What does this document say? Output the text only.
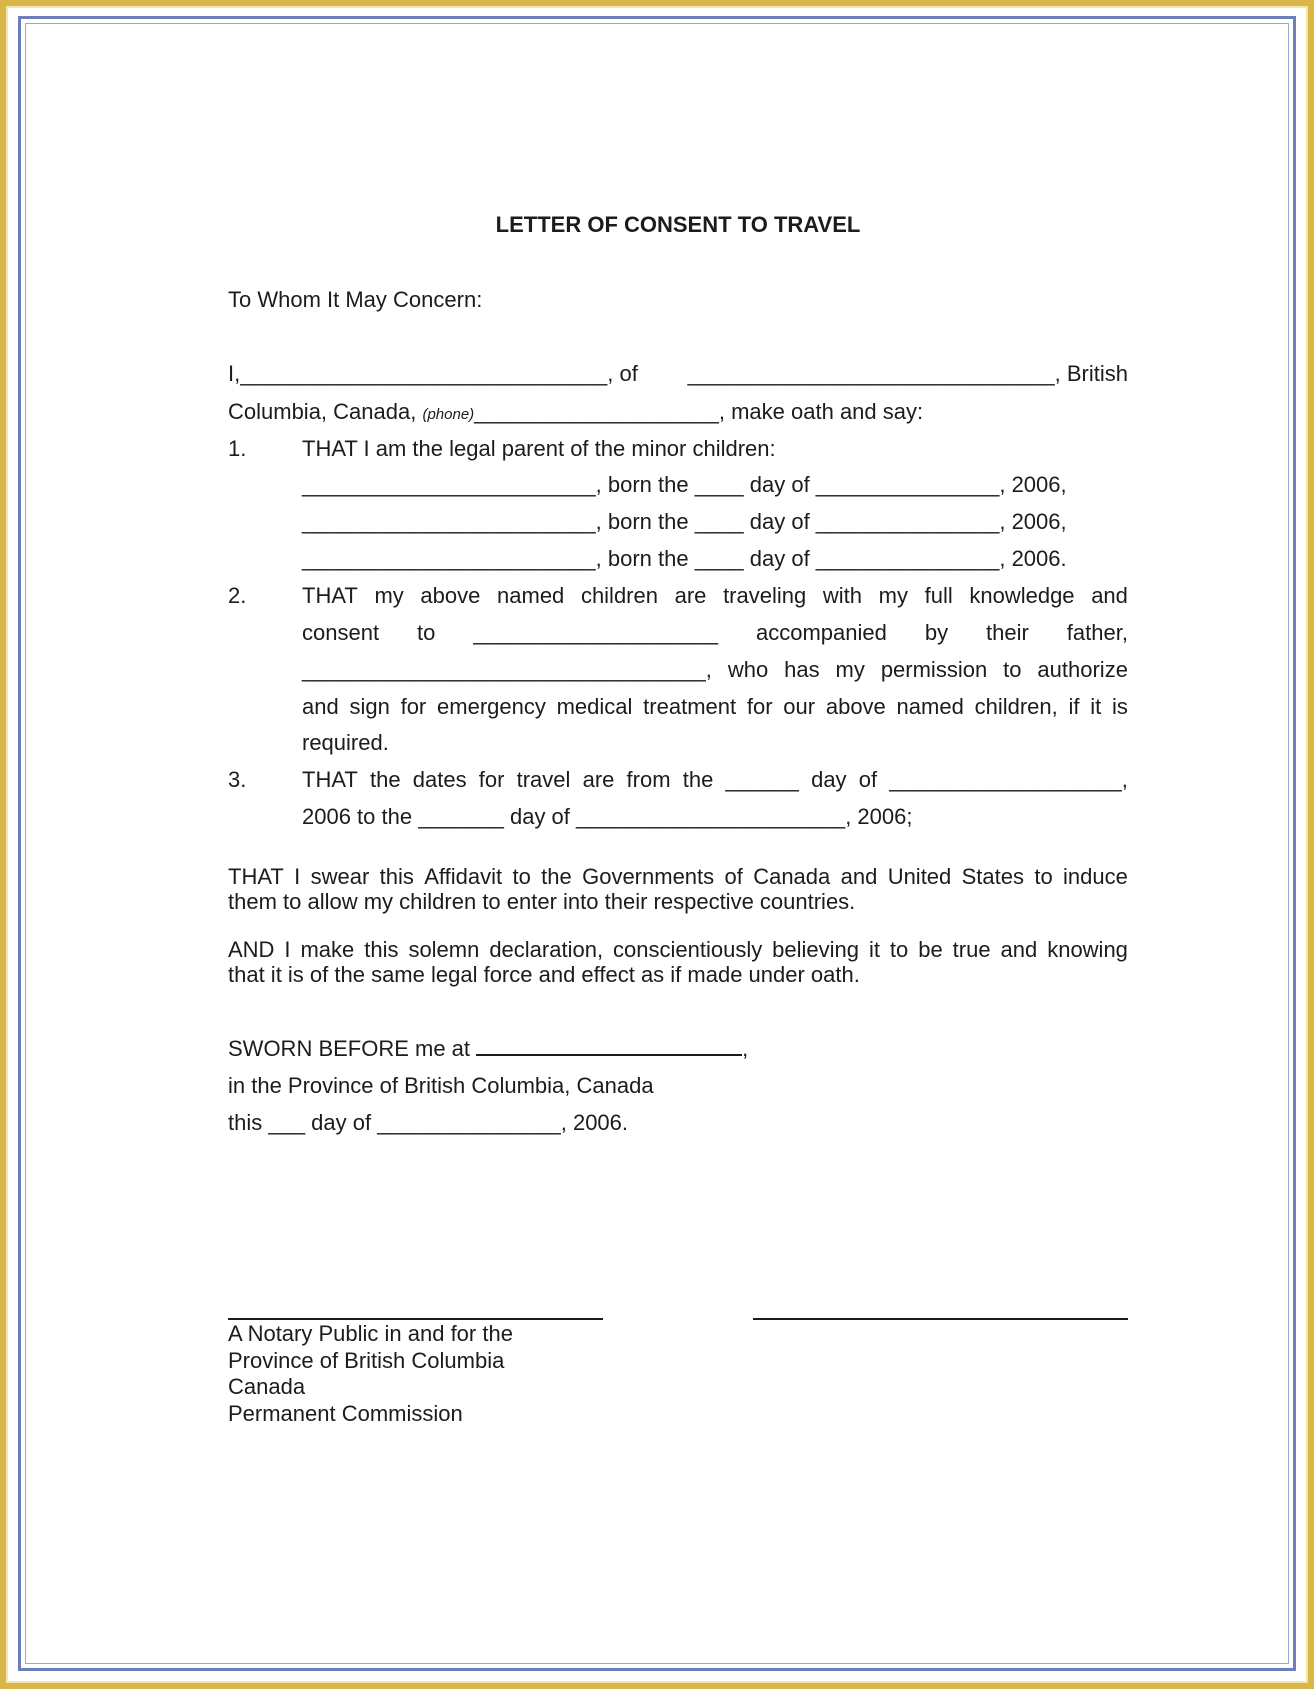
LETTER OF CONSENT TO TRAVEL
To Whom It May Concern:
I,______________________________, of ______________________________, British
Columbia, Canada, (phone)____________________, make oath and say:
1.	THAT I am the legal parent of the minor children:
________________________, born the ____ day of _______________, 2006,
________________________, born the ____ day of _______________, 2006,
________________________, born the ____ day of _______________, 2006.
2.	THAT my above named children are traveling with my full knowledge and
consent to ____________________ accompanied by their father,
_________________________________, who has my permission to authorize
and sign for emergency medical treatment for our above named children, if it is
required.
3.	THAT the dates for travel are from the ______ day of ___________________,
2006 to the _______ day of ______________________, 2006;
THAT I swear this Affidavit to the Governments of Canada and United States to induce
them to allow my children to enter into their respective countries.
AND I make this solemn declaration, conscientiously believing it to be true and knowing
that it is of the same legal force and effect as if made under oath.
SWORN BEFORE me at	,
in the Province of British Columbia, Canada
this ___ day of _______________, 2006.
A Notary Public in and for the
Province of British Columbia
Canada
Permanent Commission
